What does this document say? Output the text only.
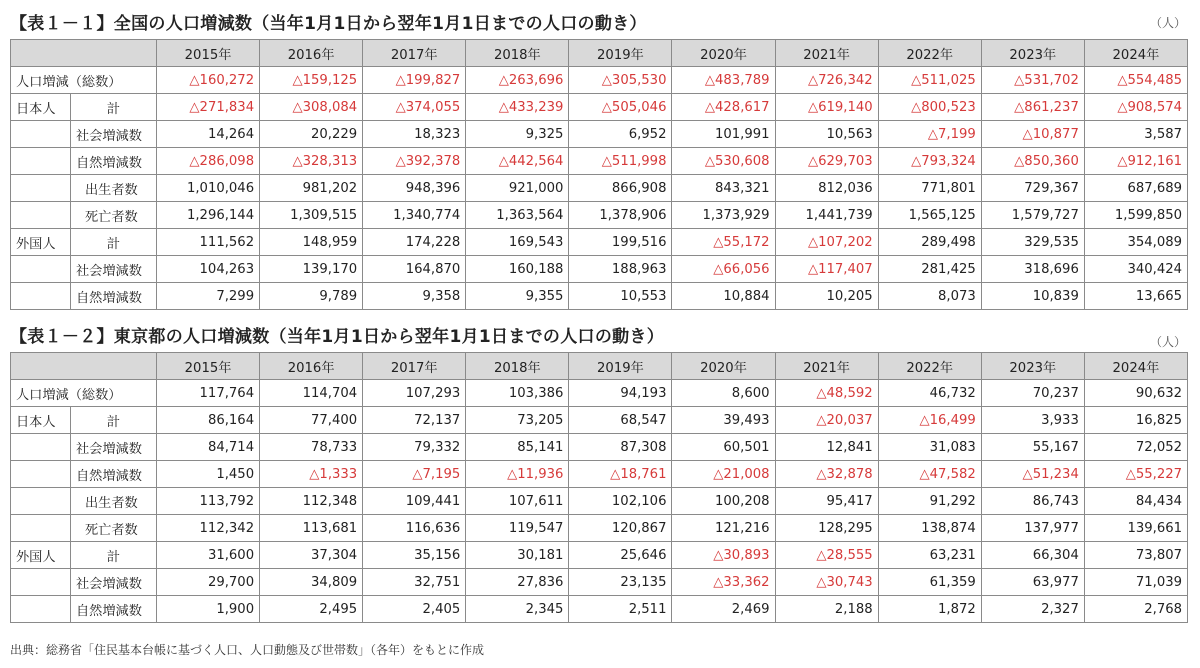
【表１－１】全国の人口増減数（当年1月1日から翌年1月1日までの人口の動き）	（人）
		2015年	2016年	2017年	2018年	2019年	2020年	2021年	2022年	2023年	2024年
人口増減（総数）		△160,272	△159,125	△199,827	△263,696	△305,530	△483,789	△726,342	△511,025	△531,702	△554,485
日本人	計	△271,834	△308,084	△374,055	△433,239	△505,046	△428,617	△619,140	△800,523	△861,237	△908,574
	社会増減数	14,264	20,229	18,323	9,325	6,952	101,991	10,563	△7,199	△10,877	3,587
	自然増減数	△286,098	△328,313	△392,378	△442,564	△511,998	△530,608	△629,703	△793,324	△850,360	△912,161
	出生者数	1,010,046	981,202	948,396	921,000	866,908	843,321	812,036	771,801	729,367	687,689
	死亡者数	1,296,144	1,309,515	1,340,774	1,363,564	1,378,906	1,373,929	1,441,739	1,565,125	1,579,727	1,599,850
外国人	計	111,562	148,959	174,228	169,543	199,516	△55,172	△107,202	289,498	329,535	354,089
	社会増減数	104,263	139,170	164,870	160,188	188,963	△66,056	△117,407	281,425	318,696	340,424
	自然増減数	7,299	9,789	9,358	9,355	10,553	10,884	10,205	8,073	10,839	13,665
【表１－２】東京都の人口増減数（当年1月1日から翌年1月1日までの人口の動き）	（人）
		2015年	2016年	2017年	2018年	2019年	2020年	2021年	2022年	2023年	2024年
人口増減（総数）		117,764	114,704	107,293	103,386	94,193	8,600	△48,592	46,732	70,237	90,632
日本人	計	86,164	77,400	72,137	73,205	68,547	39,493	△20,037	△16,499	3,933	16,825
	社会増減数	84,714	78,733	79,332	85,141	87,308	60,501	12,841	31,083	55,167	72,052
	自然増減数	1,450	△1,333	△7,195	△11,936	△18,761	△21,008	△32,878	△47,582	△51,234	△55,227
	出生者数	113,792	112,348	109,441	107,611	102,106	100,208	95,417	91,292	86,743	84,434
	死亡者数	112,342	113,681	116,636	119,547	120,867	121,216	128,295	138,874	137,977	139,661
外国人	計	31,600	37,304	35,156	30,181	25,646	△30,893	△28,555	63,231	66,304	73,807
	社会増減数	29,700	34,809	32,751	27,836	23,135	△33,362	△30,743	61,359	63,977	71,039
	自然増減数	1,900	2,495	2,405	2,345	2,511	2,469	2,188	1,872	2,327	2,768
出典：総務省「住民基本台帳に基づく人口、人口動態及び世帯数」（各年）をもとに作成
